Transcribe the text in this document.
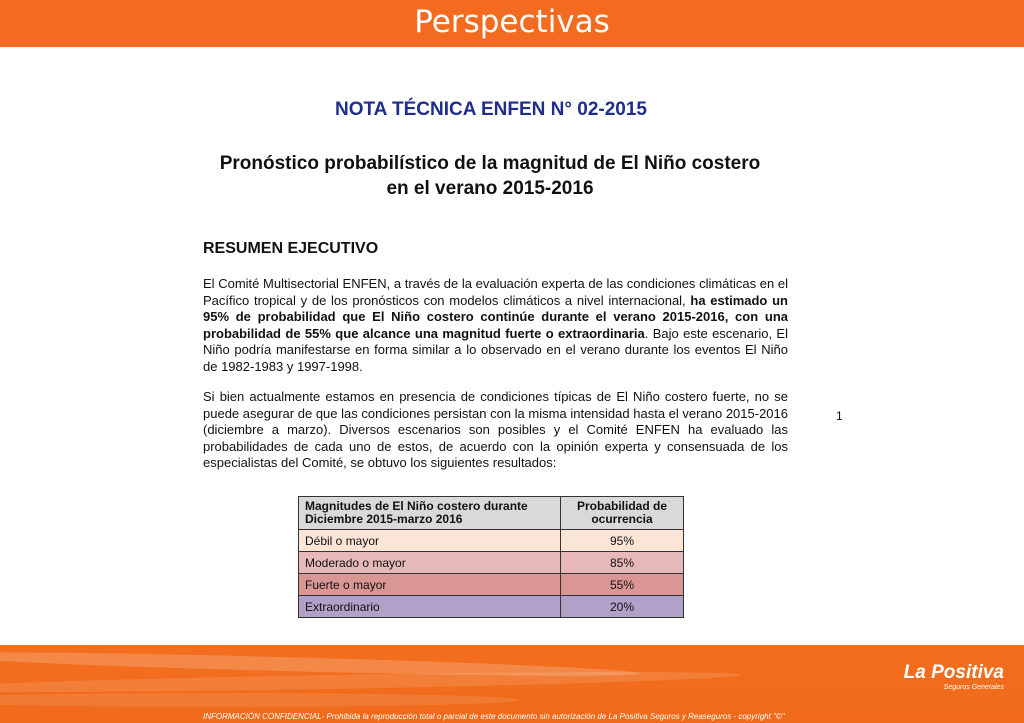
Perspectivas
NOTA TÉCNICA ENFEN N° 02-2015
Pronóstico probabilístico de la magnitud de El Niño costero
en el verano 2015-2016
RESUMEN EJECUTIVO
El Comité Multisectorial ENFEN, a través de la evaluación experta de las condiciones climáticas en el Pacífico tropical y de los pronósticos con modelos climáticos a nivel internacional, ha estimado un 95% de probabilidad que El Niño costero continúe durante el verano 2015-2016, con una probabilidad de 55% que alcance una magnitud fuerte o extraordinaria. Bajo este escenario, El Niño podría manifestarse en forma similar a lo observado en el verano durante los eventos El Niño de 1982-1983 y 1997-1998.
Si bien actualmente estamos en presencia de condiciones típicas de El Niño costero fuerte, no se puede asegurar de que las condiciones persistan con la misma intensidad hasta el verano 2015-2016 (diciembre a marzo). Diversos escenarios son posibles y el Comité ENFEN ha evaluado las probabilidades de cada uno de estos, de acuerdo con la opinión experta y consensuada de los especialistas del Comité, se obtuvo los siguientes resultados:
1
Magnitudes de El Niño costero durante Diciembre 2015-marzo 2016	Probabilidad de ocurrencia
Débil o mayor	95%
Moderado o mayor	85%
Fuerte o mayor	55%
Extraordinario	20%
La Positiva
Seguros Generales
INFORMACIÓN CONFIDENCIAL- Prohibida la reproducción total o parcial de este documento sin autorización de La Positiva Seguros y Reaseguros - copyright "©"
